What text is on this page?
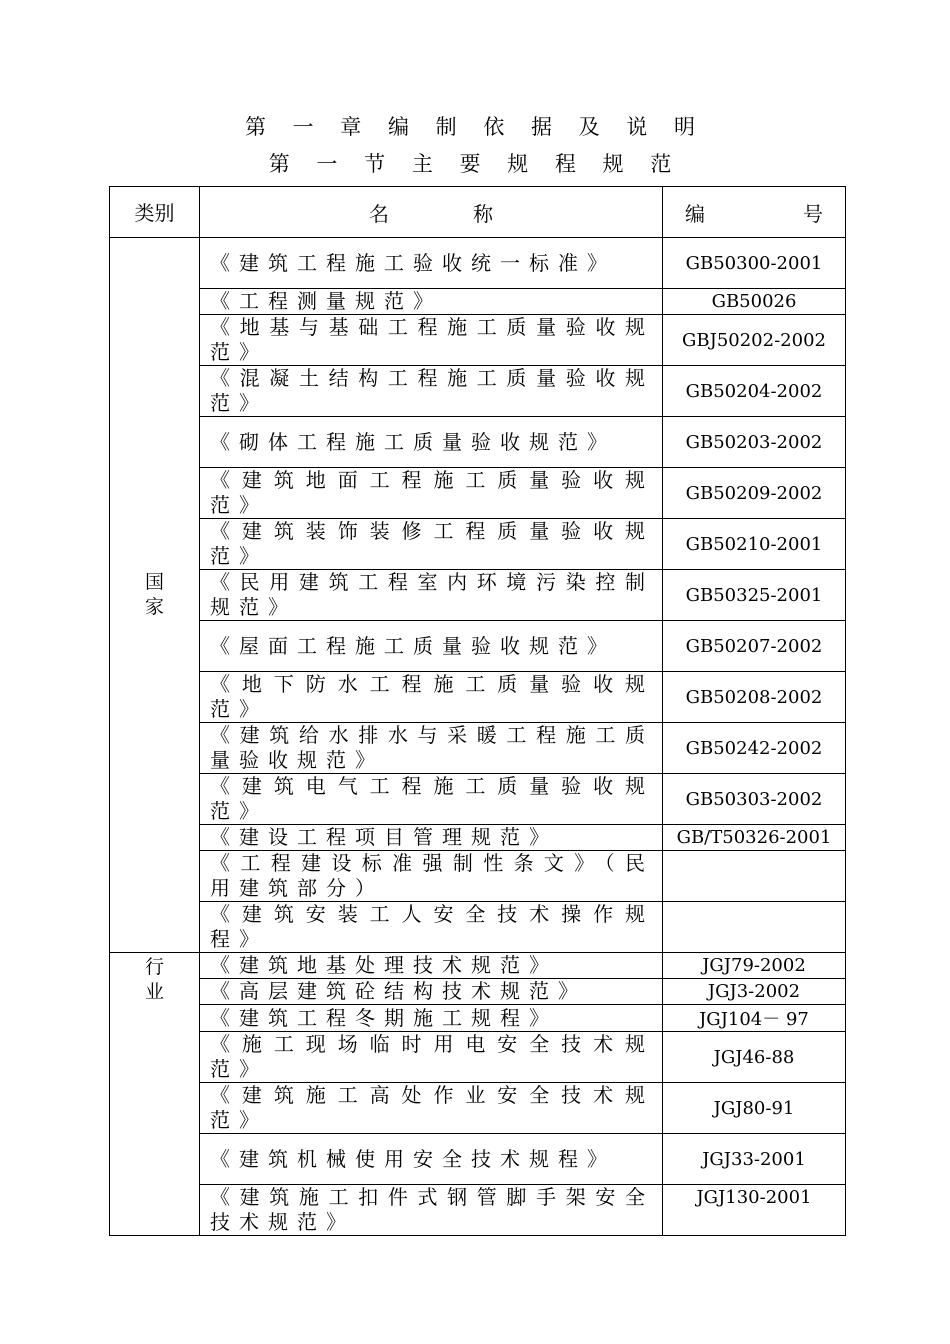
第 一 章 编 制 依 据 及 说 明
第 一 节 主 要 规 程 规 范
类别	名 称	编 号

国家	《建筑工程施工验收统一标准》	GB50300-2001
	《工程测量规范》	GB50026
	《地基与基础工程施工质量验收规范》	GBJ50202-2002
	《混凝土结构工程施工质量验收规范》	GB50204-2002
	《砌体工程施工质量验收规范》	GB50203-2002
	《建筑地面工程施工质量验收规范》	GB50209-2002
	《建筑装饰装修工程质量验收规范》	GB50210-2001
	《民用建筑工程室内环境污染控制规范》	GB50325-2001
	《屋面工程施工质量验收规范》	GB50207-2002
	《地下防水工程施工质量验收规范》	GB50208-2002
	《建筑给水排水与采暖工程施工质量验收规范》	GB50242-2002
	《建筑电气工程施工质量验收规范》	GB50303-2002
	《建设工程项目管理规范》	GB/T50326-2001
	《工程建设标准强制性条文》（民用建筑部分）	
	《建筑安装工人安全技术操作规程》	

行业	《建筑地基处理技术规范》	JGJ79-2002
	《高层建筑砼结构技术规范》	JGJ3-2002
	《建筑工程冬期施工规程》	JGJ104－ 97
	《施工现场临时用电安全技术规范》	JGJ46-88
	《建筑施工高处作业安全技术规范》	JGJ80-91
	《建筑机械使用安全技术规程》	JGJ33-2001
	《建筑施工扣件式钢管脚手架安全技术规范》	JGJ130-2001
